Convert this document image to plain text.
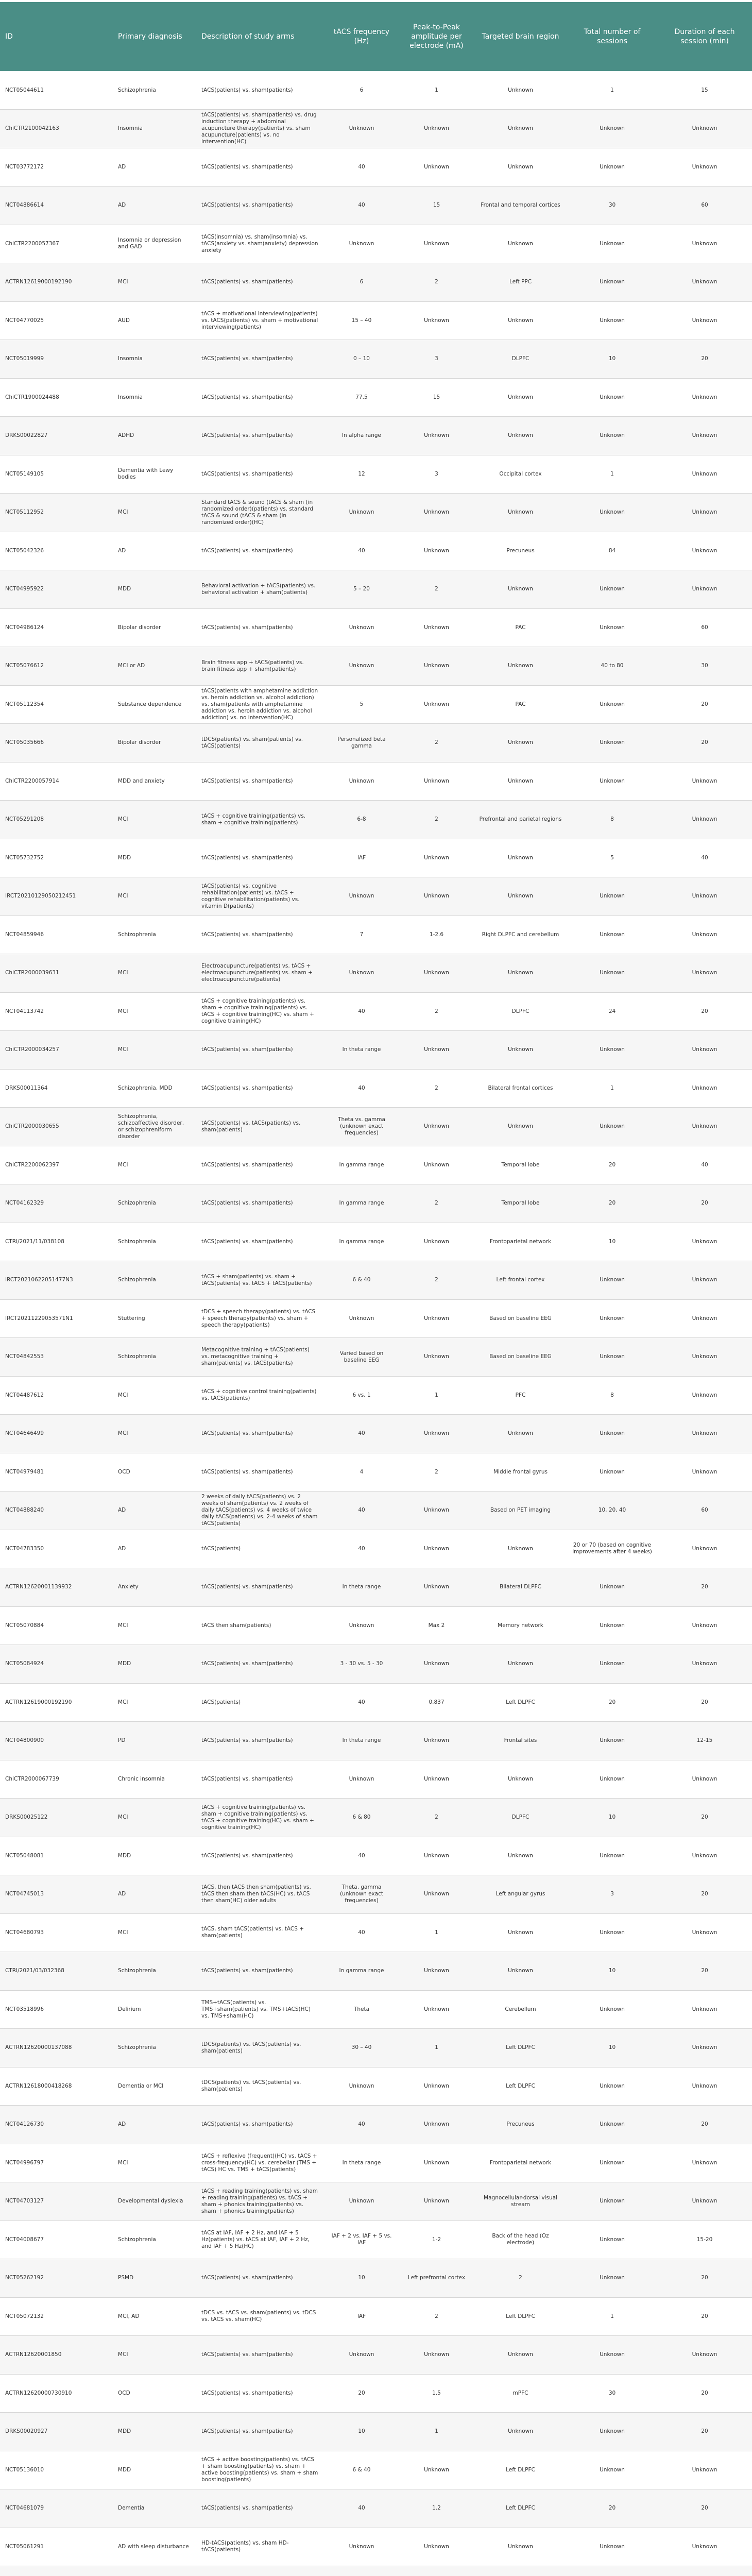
ID	Primary diagnosis	Description of study arms	tACS frequency (Hz)	Peak-to-Peak amplitude per electrode (mA)	Targeted brain region	Total number of sessions	Duration of each session (min)
NCT05044611	Schizophrenia	tACS(patients) vs. sham(patients)	6	1	Unknown	1	15
ChiCTR2100042163	Insomnia	tACS(patients) vs. sham(patients) vs. drug induction therapy + abdominal acupuncture therapy(patients) vs. sham acupuncture(patients) vs. no intervention(HC)	Unknown	Unknown	Unknown	Unknown	Unknown
NCT03772172	AD	tACS(patients) vs. sham(patients)	40	Unknown	Unknown	Unknown	Unknown
NCT04886614	AD	tACS(patients) vs. sham(patients)	40	15	Frontal and temporal cortices	30	60
ChiCTR2200057367	Insomnia or depression and GAD	tACS(insomnia) vs. sham(insomnia) vs. tACS(anxiety vs. sham(anxiety) depression anxiety	Unknown	Unknown	Unknown	Unknown	Unknown
ACTRN12619000192190	MCI	tACS(patients) vs. sham(patients)	6	2	Left PPC	Unknown	Unknown
NCT04770025	AUD	tACS + motivational interviewing(patients) vs. tACS(patients) vs. sham + motivational interviewing(patients)	15 – 40	Unknown	Unknown	Unknown	Unknown
NCT05019999	Insomnia	tACS(patients) vs. sham(patients)	0 – 10	3	DLPFC	10	20
ChiCTR1900024488	Insomnia	tACS(patients) vs. sham(patients)	77.5	15	Unknown	Unknown	Unknown
DRKS00022827	ADHD	tACS(patients) vs. sham(patients)	In alpha range	Unknown	Unknown	Unknown	Unknown
NCT05149105	Dementia with Lewy bodies	tACS(patients) vs. sham(patients)	12	3	Occipital cortex	1	Unknown
NCT05112952	MCI	Standard tACS & sound (tACS & sham (in randomized order)(patients) vs. standard tACS & sound (tACS & sham (in randomized order)(HC)	Unknown	Unknown	Unknown	Unknown	Unknown
NCT05042326	AD	tACS(patients) vs. sham(patients)	40	Unknown	Precuneus	84	Unknown
NCT04995922	MDD	Behavioral activation + tACS(patients) vs. behavioral activation + sham(patients)	5 – 20	2	Unknown	Unknown	Unknown
NCT04986124	Bipolar disorder	tACS(patients) vs. sham(patients)	Unknown	Unknown	PAC	Unknown	60
NCT05076612	MCI or AD	Brain fitness app + tACS(patients) vs. brain fitness app + sham(patients)	Unknown	Unknown	Unknown	40 to 80	30
NCT05112354	Substance dependence	tACS(patients with amphetamine addiction vs. heroin addiction vs. alcohol addiction) vs. sham(patients with amphetamine addiction vs. heroin addiction vs. alcohol addiction) vs. no intervention(HC)	5	Unknown	PAC	Unknown	20
NCT05035666	Bipolar disorder	tDCS(patients) vs. sham(patients) vs. tACS(patients)	Personalized beta gamma	2	Unknown	Unknown	20
ChiCTR2200057914	MDD and anxiety	tACS(patients) vs. sham(patients)	Unknown	Unknown	Unknown	Unknown	Unknown
NCT05291208	MCI	tACS + cognitive training(patients) vs. sham + cognitive training(patients)	6-8	2	Prefrontal and parietal regions	8	Unknown
NCT05732752	MDD	tACS(patients) vs. sham(patients)	IAF	Unknown	Unknown	5	40
IRCT20210129050212451	MCI	tACS(patients) vs. cognitive rehabilitation(patients) vs. tACS + cognitive rehabilitation(patients) vs. vitamin D(patients)	Unknown	Unknown	Unknown	Unknown	Unknown
NCT04859946	Schizophrenia	tACS(patients) vs. sham(patients)	7	1-2.6	Right DLPFC and cerebellum	Unknown	Unknown
ChiCTR2000039631	MCI	Electroacupuncture(patients) vs. tACS + electroacupuncture(patients) vs. sham + electroacupuncture(patients)	Unknown	Unknown	Unknown	Unknown	Unknown
NCT04113742	MCI	tACS + cognitive training(patients) vs. sham + cognitive training(patients) vs. tACS + cognitive training(HC) vs. sham + cognitive training(HC)	40	2	DLPFC	24	20
ChiCTR2000034257	MCI	tACS(patients) vs. sham(patients)	In theta range	Unknown	Unknown	Unknown	Unknown
DRKS00011364	Schizophrenia, MDD	tACS(patients) vs. sham(patients)	40	2	Bilateral frontal cortices	1	Unknown
ChiCTR2000030655	Schizophrenia, schizoaffective disorder, or schizophreniform disorder	tACS(patients) vs. tACS(patients) vs. sham(patients)	Theta vs. gamma (unknown exact frequencies)	Unknown	Unknown	Unknown	Unknown
ChiCTR2200062397	MCI	tACS(patients) vs. sham(patients)	In gamma range	Unknown	Temporal lobe	20	40
NCT04162329	Schizophrenia	tACS(patients) vs. sham(patients)	In gamma range	2	Temporal lobe	20	20
CTRI/2021/11/038108	Schizophrenia	tACS(patients) vs. sham(patients)	In gamma range	Unknown	Frontoparietal network	10	Unknown
IRCT20210622051477N3	Schizophrenia	tACS + sham(patients) vs. sham + tACS(patients) vs. tACS + tACS(patients)	6 & 40	2	Left frontal cortex	Unknown	Unknown
IRCT20211229053571N1	Stuttering	tDCS + speech therapy(patients) vs. tACS + speech therapy(patients) vs. sham + speech therapy(patients)	Unknown	Unknown	Based on baseline EEG	Unknown	Unknown
NCT04842553	Schizophrenia	Metacognitive training + tACS(patients) vs. metacognitive training + sham(patients) vs. tACS(patients)	Varied based on baseline EEG	Unknown	Based on baseline EEG	Unknown	Unknown
NCT04487612	MCI	tACS + cognitive control training(patients) vs. tACS(patients)	6 vs. 1	1	PFC	8	Unknown
NCT04646499	MCI	tACS(patients) vs. sham(patients)	40	Unknown	Unknown	Unknown	Unknown
NCT04979481	OCD	tACS(patients) vs. sham(patients)	4	2	Middle frontal gyrus	Unknown	Unknown
NCT04888240	AD	2 weeks of daily tACS(patients) vs. 2 weeks of sham(patients) vs. 2 weeks of daily tACS(patients) vs. 4 weeks of twice daily tACS(patients) vs. 2-4 weeks of sham tACS(patients)	40	Unknown	Based on PET imaging	10, 20, 40	60
NCT04783350	AD	tACS(patients)	40	Unknown	Unknown	20 or 70 (based on cognitive improvements after 4 weeks)	Unknown
ACTRN12620001139932	Anxiety	tACS(patients) vs. sham(patients)	In theta range	Unknown	Bilateral DLPFC	Unknown	20
NCT05070884	MCI	tACS then sham(patients)	Unknown	Max 2	Memory network	Unknown	Unknown
NCT05084924	MDD	tACS(patients) vs. sham(patients)	3 - 30 vs. 5 - 30	Unknown	Unknown	Unknown	Unknown
ACTRN12619000192190	MCI	tACS(patients)	40	0.837	Left DLPFC	20	20
NCT04800900	PD	tACS(patients) vs. sham(patients)	In theta range	Unknown	Frontal sites	Unknown	12-15
ChiCTR2000067739	Chronic insomnia	tACS(patients) vs. sham(patients)	Unknown	Unknown	Unknown	Unknown	Unknown
DRKS00025122	MCI	tACS + cognitive training(patients) vs. sham + cognitive training(patients) vs. tACS + cognitive training(HC) vs. sham + cognitive training(HC)	6 & 80	2	DLPFC	10	20
NCT05048081	MDD	tACS(patients) vs. sham(patients)	40	Unknown	Unknown	Unknown	Unknown
NCT04745013	AD	tACS, then tACS then sham(patients) vs. tACS then sham then tACS(HC) vs. tACS then sham(HC) older adults	Theta, gamma (unknown exact frequencies)	Unknown	Left angular gyrus	3	20
NCT04680793	MCI	tACS, sham tACS(patients) vs. tACS + sham(patients)	40	1	Unknown	Unknown	Unknown
CTRI/2021/03/032368	Schizophrenia	tACS(patients) vs. sham(patients)	In gamma range	Unknown	Unknown	10	20
NCT03518996	Delirium	TMS+tACS(patients) vs. TMS+sham(patients) vs. TMS+tACS(HC) vs. TMS+sham(HC)	Theta	Unknown	Cerebellum	Unknown	Unknown
ACTRN12620000137088	Schizophrenia	tDCS(patients) vs. tACS(patients) vs. sham(patients)	30 – 40	1	Left DLPFC	10	Unknown
ACTRN12618000418268	Dementia or MCI	tDCS(patients) vs. tACS(patients) vs. sham(patients)	Unknown	Unknown	Left DLPFC	Unknown	Unknown
NCT04126730	AD	tACS(patients) vs. sham(patients)	40	Unknown	Precuneus	Unknown	20
NCT04996797	MCI	tACS + reflexive (frequent)(HC) vs. tACS + cross-frequency(HC) vs. cerebellar (TMS + tACS) HC vs. TMS + tACS(patients)	In theta range	Unknown	Frontoparietal network	Unknown	Unknown
NCT04703127	Developmental dyslexia	tACS + reading training(patients) vs. sham + reading training(patients) vs. tACS + sham + phonics training(patients) vs. sham + phonics training(patients)	Unknown	Unknown	Magnocellular-dorsal visual stream	Unknown	Unknown
NCT04008677	Schizophrenia	tACS at IAF, IAF + 2 Hz, and IAF + 5 Hz(patients) vs. tACS at IAF, IAF + 2 Hz, and IAF + 5 Hz(HC)	IAF + 2 vs. IAF + 5 vs. IAF	1-2	Back of the head (Oz electrode)	Unknown	15-20
NCT05262192	PSMD	tACS(patients) vs. sham(patients)	10	Left prefrontal cortex	2	Unknown	20
NCT05072132	MCI, AD	tDCS vs. tACS vs. sham(patients) vs. tDCS vs. tACS vs. sham(HC)	IAF	2	Left DLPFC	1	20
ACTRN12620001850	MCI	tACS(patients) vs. sham(patients)	Unknown	Unknown	Unknown	Unknown	Unknown
ACTRN12620000730910	OCD	tACS(patients) vs. sham(patients)	20	1.5	mPFC	30	20
DRKS00020927	MDD	tACS(patients) vs. sham(patients)	10	1	Unknown	Unknown	20
NCT05136010	MDD	tACS + active boosting(patients) vs. tACS + sham boosting(patients) vs. sham + active boosting(patients) vs. sham + sham boosting(patients)	6 & 40	Unknown	Left DLPFC	Unknown	Unknown
NCT04681079	Dementia	tACS(patients) vs. sham(patients)	40	1.2	Left DLPFC	20	20
NCT05061291	AD with sleep disturbance	HD-tACS(patients) vs. sham HD-tACS(patients)	Unknown	Unknown	Unknown	Unknown	Unknown
